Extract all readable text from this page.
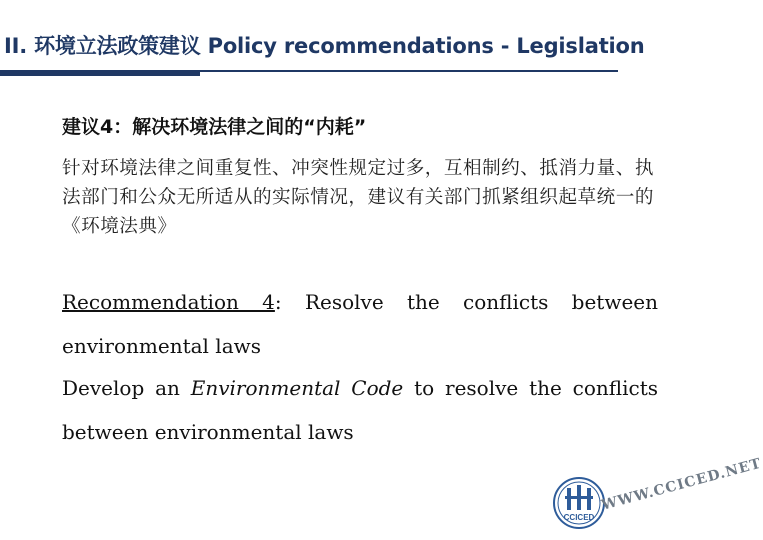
II. 环境立法政策建议 Policy recommendations - Legislation
建议4：解决环境法律之间的“内耗”
针对环境法律之间重复性、冲突性规定过多，互相制约、抵消力量、执法部门和公众无所适从的实际情况，建议有关部门抓紧组织起草统一的《环境法典》
Recommendation 4: Resolve the conflicts between environmental laws
Develop an Environmental Code to resolve the conflicts between environmental laws
CCICED
WWW.CCICED.NET
